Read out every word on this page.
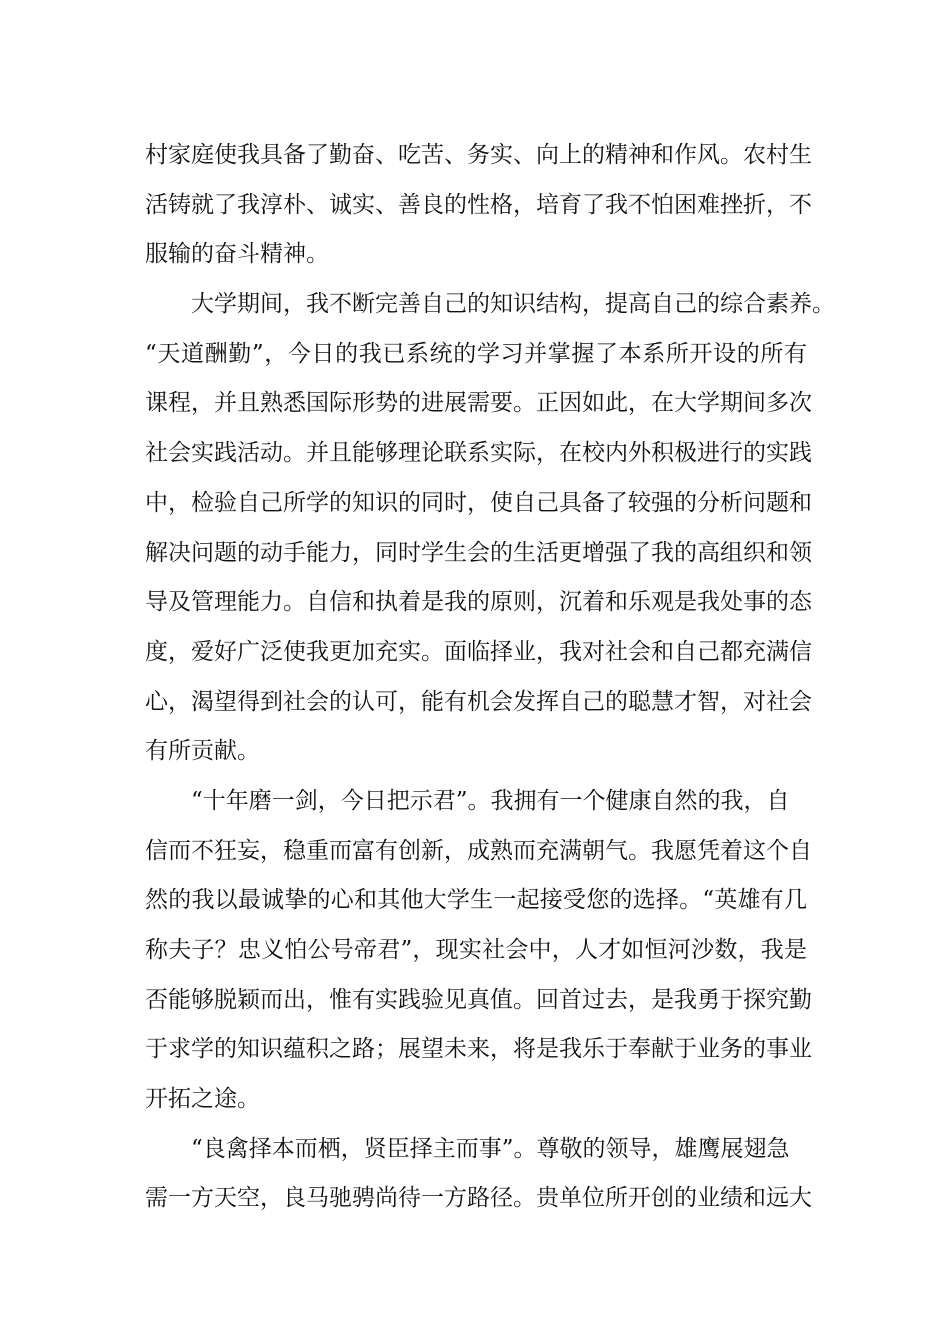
村家庭使我具备了勤奋、吃苦、务实、向上的精神和作风。农村生
活铸就了我淳朴、诚实、善良的性格，培育了我不怕困难挫折，不
服输的奋斗精神。
大学期间，我不断完善自己的知识结构，提高自己的综合素养。
“天道酬勤”，今日的我已系统的学习并掌握了本系所开设的所有
课程，并且熟悉国际形势的进展需要。正因如此，在大学期间多次
社会实践活动。并且能够理论联系实际，在校内外积极进行的实践
中，检验自己所学的知识的同时，使自己具备了较强的分析问题和
解决问题的动手能力，同时学生会的生活更增强了我的高组织和领
导及管理能力。自信和执着是我的原则，沉着和乐观是我处事的态
度，爱好广泛使我更加充实。面临择业，我对社会和自己都充满信
心，渴望得到社会的认可，能有机会发挥自己的聪慧才智，对社会
有所贡献。
“十年磨一剑，今日把示君”。我拥有一个健康自然的我，自
信而不狂妄，稳重而富有创新，成熟而充满朝气。我愿凭着这个自
然的我以最诚挚的心和其他大学生一起接受您的选择。“英雄有几
称夫子？忠义怕公号帝君”，现实社会中，人才如恒河沙数，我是
否能够脱颖而出，惟有实践验见真值。回首过去，是我勇于探究勤
于求学的知识蕴积之路；展望未来，将是我乐于奉献于业务的事业
开拓之途。
“良禽择本而栖，贤臣择主而事”。尊敬的领导，雄鹰展翅急
需一方天空，良马驰骋尚待一方路径。贵单位所开创的业绩和远大
